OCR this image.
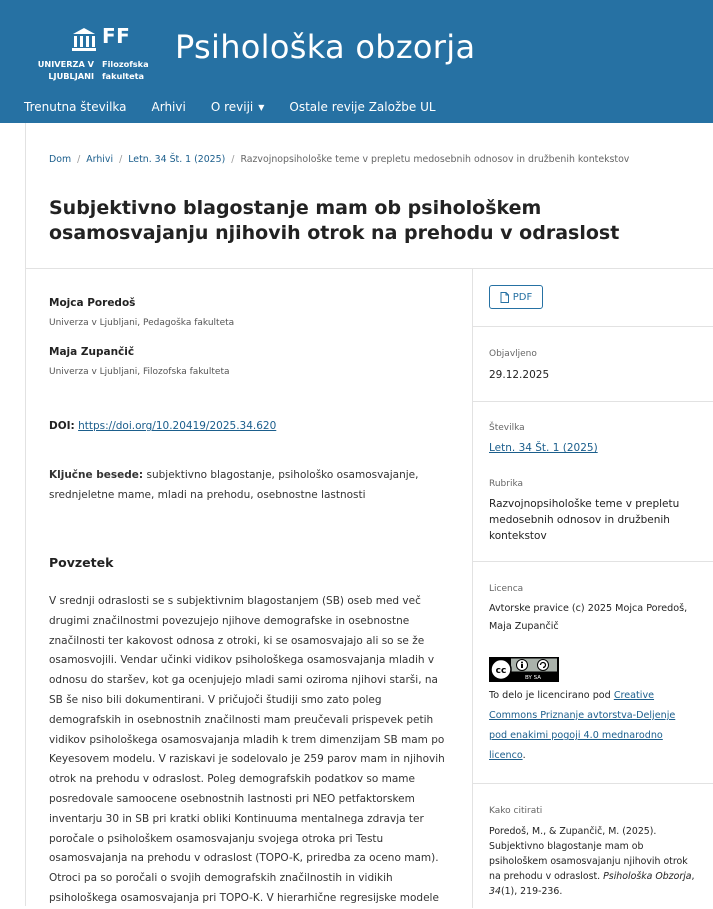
FF
UNIVERZA V LJUBLJANI
Filozofska fakulteta
Psihološka obzorja
Trenutna številka Arhivi O reviji ▼ Ostale revije Založbe UL
Dom / Arhivi / Letn. 34 Št. 1 (2025) / Razvojnopsihološke teme v prepletu medosebnih odnosov in družbenih kontekstov
Subjektivno blagostanje mam ob psihološkem osamosvajanju njihovih otrok na prehodu v odraslost
Mojca Poredoš
Univerza v Ljubljani, Pedagoška fakulteta
Maja Zupančič
Univerza v Ljubljani, Filozofska fakulteta
DOI: https://doi.org/10.20419/2025.34.620
Ključne besede: subjektivno blagostanje, psihološko osamosvajanje, srednjeletne mame, mladi na prehodu, osebnostne lastnosti
Povzetek
V srednji odraslosti se s subjektivnim blagostanjem (SB) oseb med več drugimi značilnostmi povezujejo njihove demografske in osebnostne značilnosti ter kakovost odnosa z otroki, ki se osamosvajajo ali so se že osamosvojili. Vendar učinki vidikov psihološkega osamosvajanja mladih v odnosu do staršev, kot ga ocenjujejo mladi sami oziroma njihovi starši, na SB še niso bili dokumentirani. V pričujoči študiji smo zato poleg demografskih in osebnostnih značilnosti mam preučevali prispevek petih vidikov psihološkega osamosvajanja mladih k trem dimenzijam SB mam po Keyesovem modelu. V raziskavi je sodelovalo je 259 parov mam in njihovih otrok na prehodu v odraslost. Poleg demografskih podatkov so mame posredovale samoocene osebnostnih lastnosti pri NEO petfaktorskem inventarju 30 in SB pri kratki obliki Kontinuuma mentalnega zdravja ter poročale o psihološkem osamosvajanju svojega otroka pri Testu osamosvajanja na prehodu v odraslost (TOPO-K, priredba za oceno mam). Otroci pa so poročali o svojih demografskih značilnostih in vidikih psihološkega osamosvajanja pri TOPO-K. V hierarhične regresijske modele
PDF
Objavljeno
29.12.2025
Številka
Letn. 34 Št. 1 (2025)
Rubrika
Razvojnopsihološke teme v prepletu medosebnih odnosov in družbenih kontekstov
Licenca
Avtorske pravice (c) 2025 Mojca Poredoš, Maja Zupančič
cc
BY SA
To delo je licencirano pod Creative Commons Priznanje avtorstva-Deljenje pod enakimi pogoji 4.0 mednarodno licenco.
Kako citirati
Poredoš, M., & Zupančič, M. (2025). Subjektivno blagostanje mam ob psihološkem osamosvajanju njihovih otrok na prehodu v odraslost. Psihološka Obzorja, 34(1), 219-236.
